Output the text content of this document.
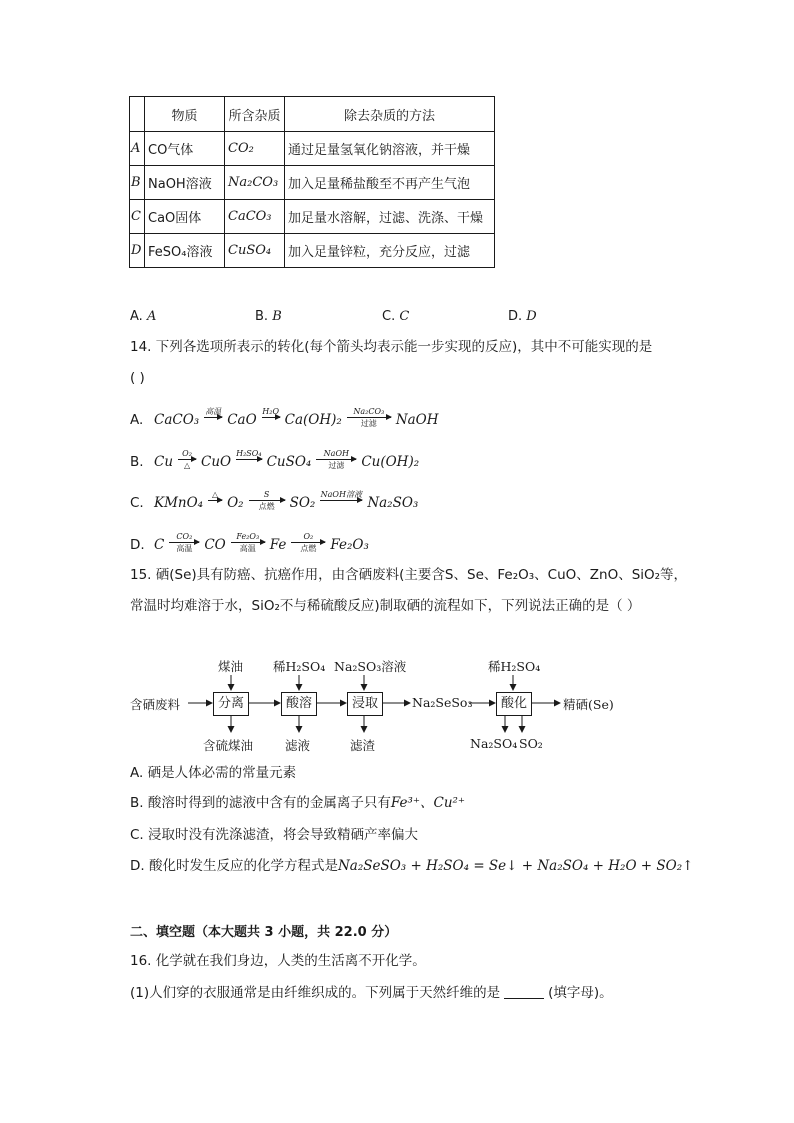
	物质	所含杂质	除去杂质的方法
A	CO气体	CO₂	通过足量氢氧化钠溶液，并干燥
B	NaOH溶液	Na₂CO₃	加入足量稀盐酸至不再产生气泡
C	CaO固体	CaCO₃	加足量水溶解，过滤、洗涤、干燥
D	FeSO₄溶液	CuSO₄	加入足量锌粒，充分反应，过滤
A. A	B. B	C. C	D. D
14. 下列各选项所表示的转化(每个箭头均表示能一步实现的反应)，其中不可能实现的是
( )
A. CaCO₃
高温

CaO
H₂O

Ca(OH)₂
Na₂CO₃
过滤 NaOH
B. Cu
O₂
△ CuO
H₂SO₄

CuSO₄
NaOH
过滤 Cu(OH)₂
C. KMnO₄
△

O₂
S
点燃 SO₂
NaOH溶液

Na₂SO₃
D. C
CO₂
高温 CO
Fe₂O₃
高温 Fe
O₂
点燃 Fe₂O₃
15. 硒(Se)具有防癌、抗癌作用，由含硒废料(主要含S、Se、Fe₂O₃、CuO、ZnO、SiO₂等，
常温时均难溶于水，SiO₂不与稀硫酸反应)制取硒的流程如下，下列说法正确的是（ ）
含硒废料	分离
煤油
含硫煤油
酸溶
稀H₂SO₄
滤液
浸取
Na₂SO₃溶液
滤渣
Na₂SeSo₃	酸化
稀H₂SO₄
Na₂SO₄ SO₂
精硒(Se)
A. 硒是人体必需的常量元素
B. 酸溶时得到的滤液中含有的金属离子只有Fe³⁺、Cu²⁺
C. 浸取时没有洗涤滤渣，将会导致精硒产率偏大
D. 酸化时发生反应的化学方程式是Na₂SeSO₃ + H₂SO₄ = Se↓ + Na₂SO₄ + H₂O + SO₂↑
二、填空题（本大题共 3 小题，共 22.0 分）
16. 化学就在我们身边，人类的生活离不开化学。
(1)人们穿的衣服通常是由纤维织成的。下列属于天然纤维的是	(填字母)。
